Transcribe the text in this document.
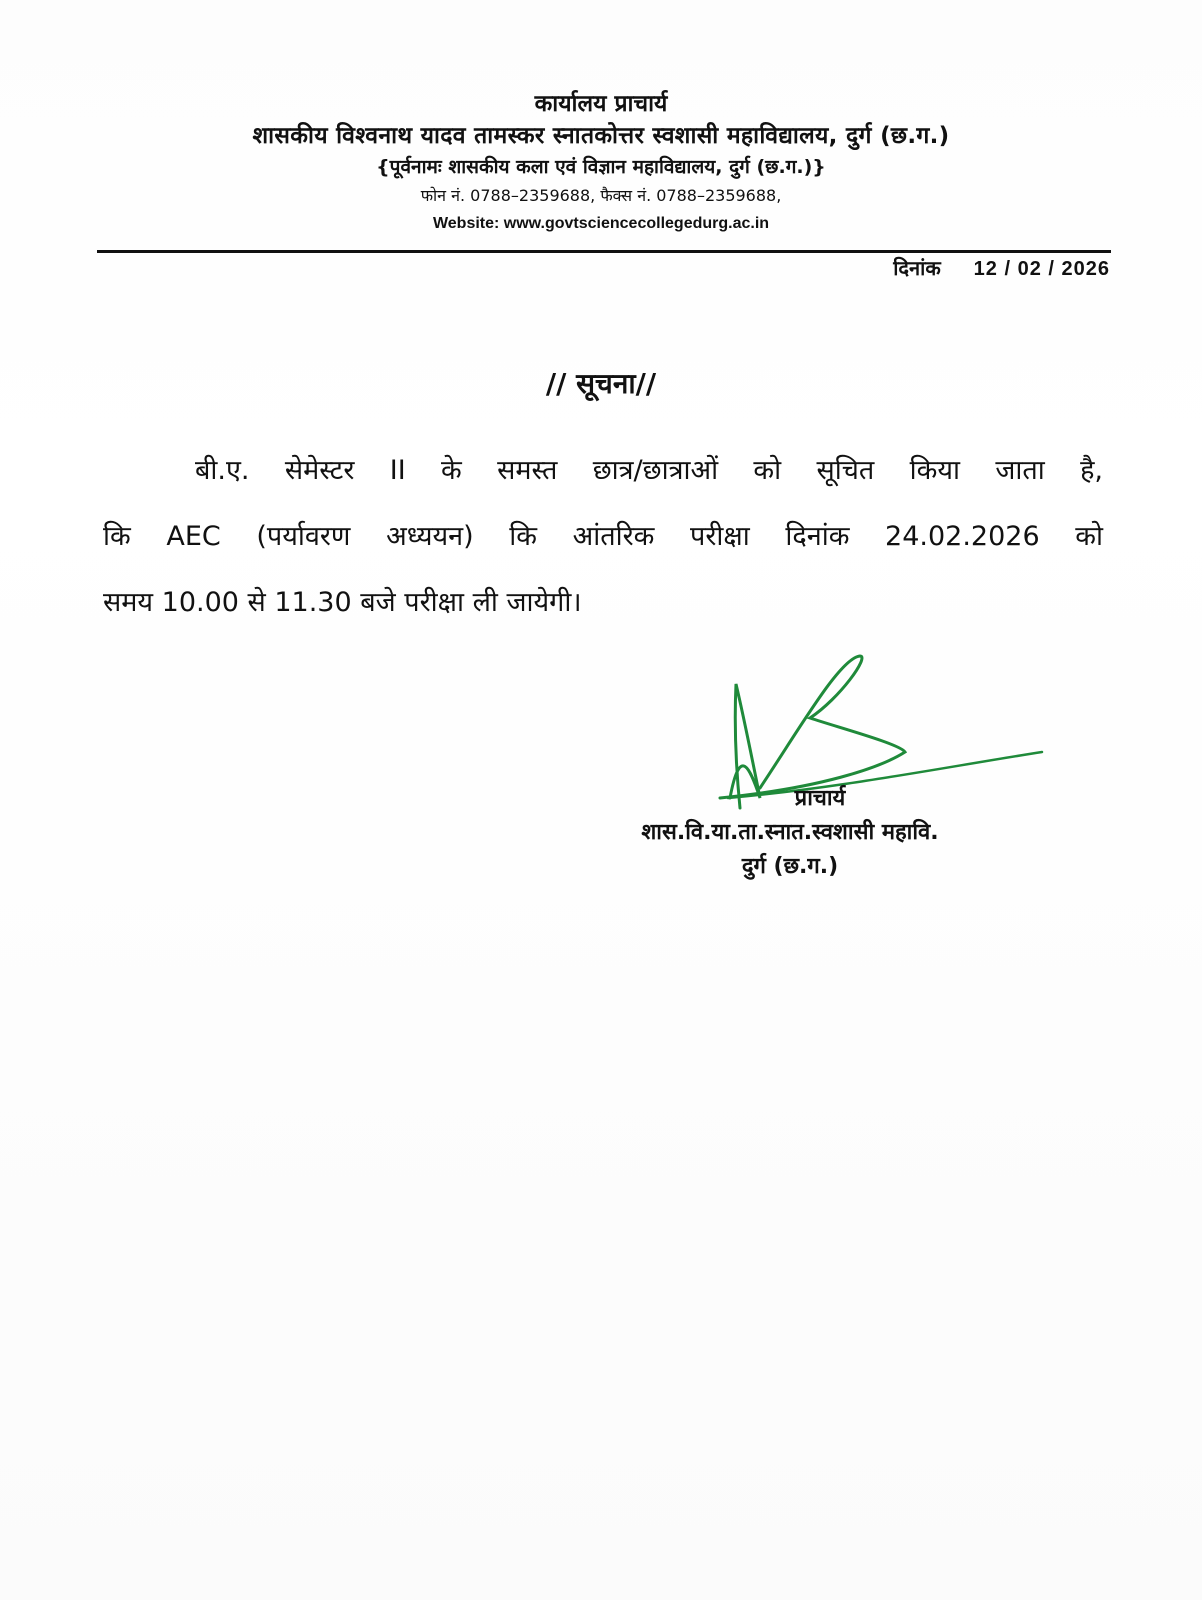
कार्यालय प्राचार्य
शासकीय विश्वनाथ यादव तामस्कर स्नातकोत्तर स्वशासी महाविद्यालय, दुर्ग (छ.ग.)
{पूर्वनामः शासकीय कला एवं विज्ञान महाविद्यालय, दुर्ग (छ.ग.)}
फोन नं. 0788–2359688, फैक्स नं. 0788–2359688,
Website: www.govtsciencecollegedurg.ac.in
दिनांक 12 / 02 / 2026
// सूचना//
बी.ए. सेमेस्टर II के समस्त छात्र/छात्राओं को सूचित किया जाता है,
कि AEC (पर्यावरण अध्ययन) कि आंतरिक परीक्षा दिनांक 24.02.2026 को
समय 10.00 से 11.30 बजे परीक्षा ली जायेगी।
प्राचार्य
शास.वि.या.ता.स्नात.स्वशासी महावि.
दुर्ग (छ.ग.)
